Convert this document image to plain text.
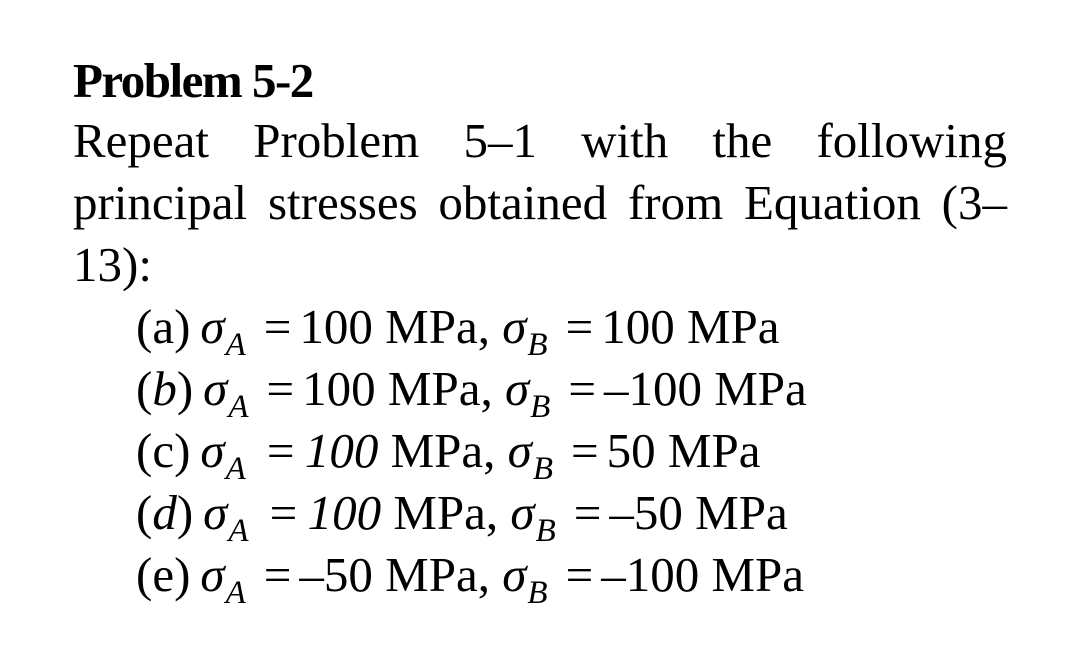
Problem 5-2

Repeat Problem 5–1 with the following principal stresses obtained from Equation (3–13):

(a) $\sigma_A = 100$ MPa, $\sigma_B = 100$ MPa
(b) $\sigma_A = 100$ MPa, $\sigma_B = -100$ MPa
(c) $\sigma_A = 100$ MPa, $\sigma_B = 50$ MPa
(d) $\sigma_A = 100$ MPa, $\sigma_B = -50$ MPa
(e) $\sigma_A = -50$ MPa, $\sigma_B = -100$ MPa
